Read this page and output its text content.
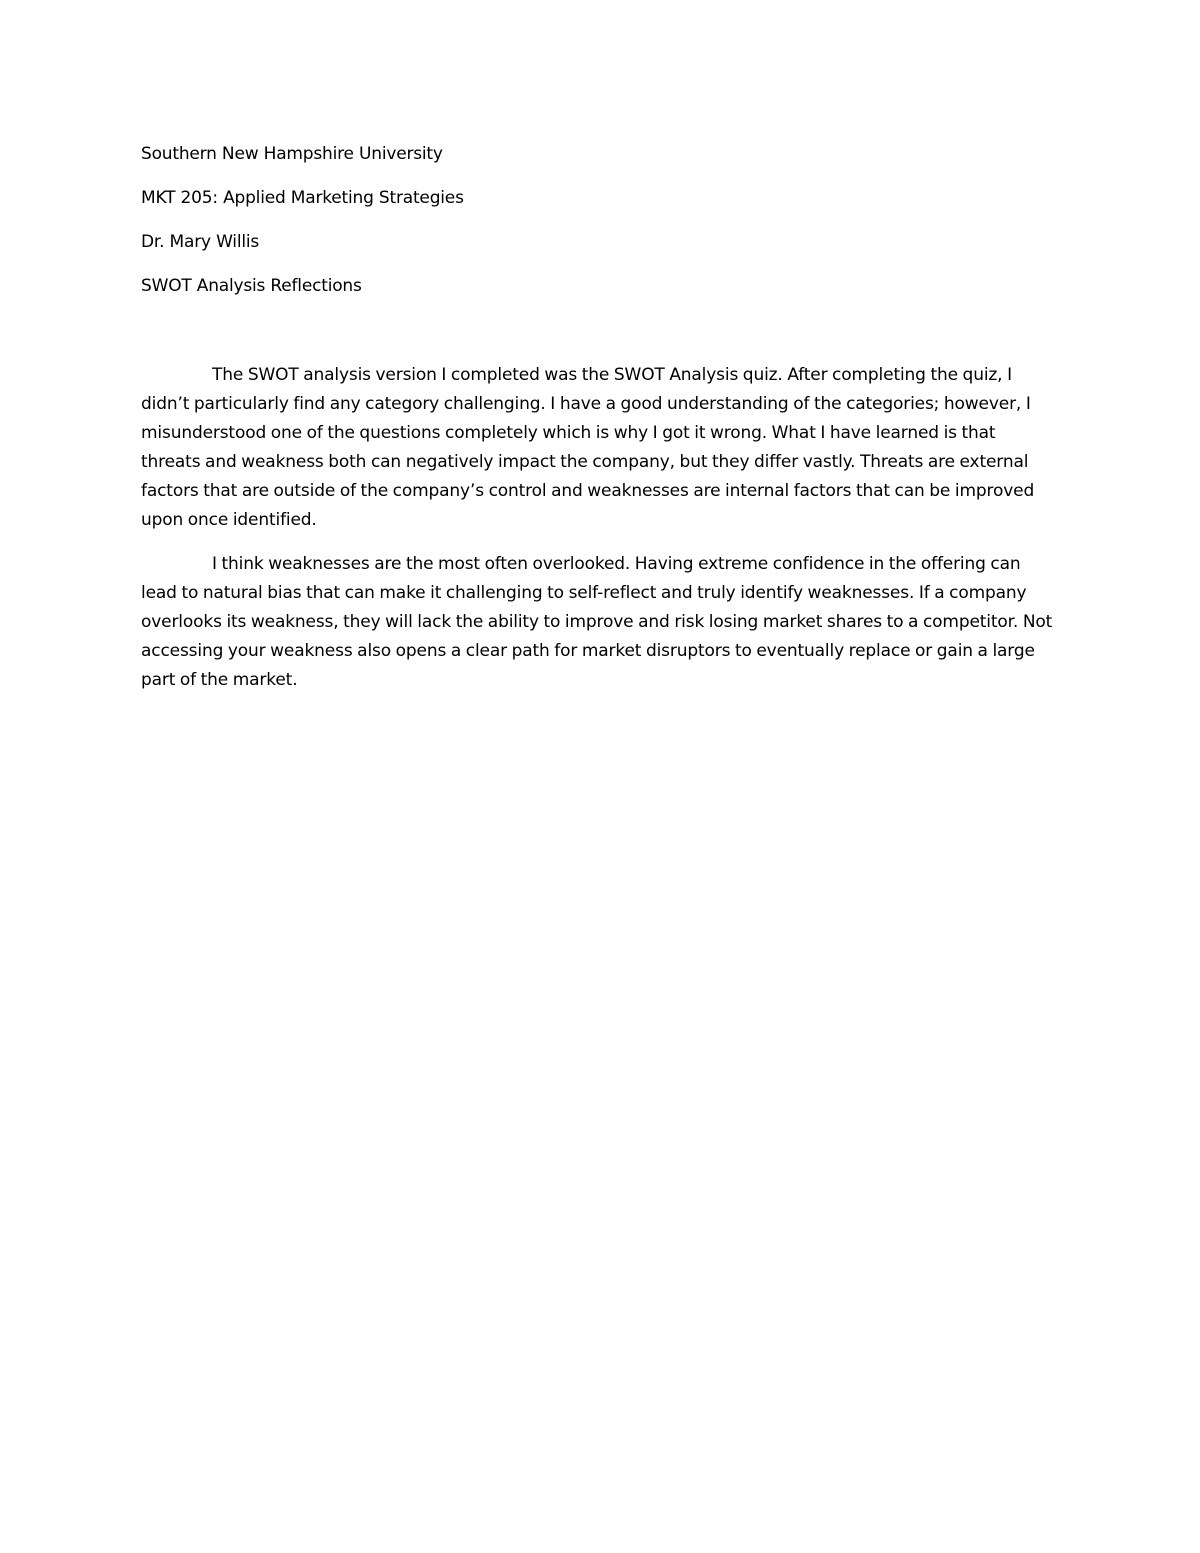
Southern New Hampshire University

MKT 205: Applied Marketing Strategies

Dr. Mary Willis

SWOT Analysis Reflections

The SWOT analysis version I completed was the SWOT Analysis quiz. After completing the quiz, I didn’t particularly find any category challenging. I have a good understanding of the categories; however, I misunderstood one of the questions completely which is why I got it wrong. What I have learned is that threats and weakness both can negatively impact the company, but they differ vastly. Threats are external factors that are outside of the company’s control and weaknesses are internal factors that can be improved upon once identified.

I think weaknesses are the most often overlooked. Having extreme confidence in the offering can lead to natural bias that can make it challenging to self-reflect and truly identify weaknesses. If a company overlooks its weakness, they will lack the ability to improve and risk losing market shares to a competitor. Not accessing your weakness also opens a clear path for market disruptors to eventually replace or gain a large part of the market.
